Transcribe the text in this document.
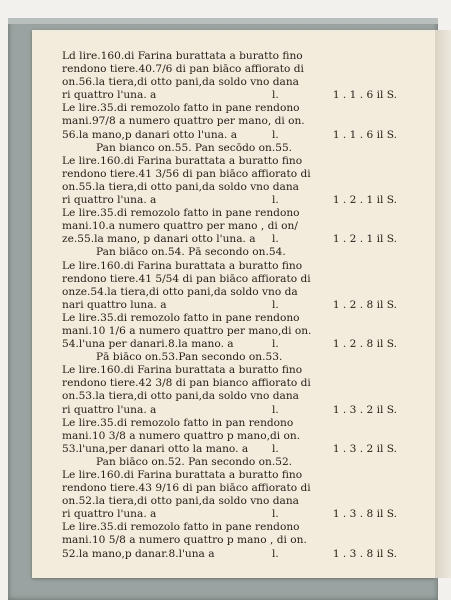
Ld lire.160.di Farina burattata a buratto fino
rendono tiere.40.7/6 di pan biāco affiorato di
on.56.la tiera,di otto pani,da soldo vno dana
ri quattro l'una. a	l.	1 . 1 . 6 il S.
Le lire.35.di remozolo fatto in pane rendono
mani.97/8 a numero quattro per mano, di on.
56.la mano,p danari otto l'una. a	l.	1 . 1 . 6 il S.
Pan bianco on.55. Pan secōdo on.55.
Le lire.160.di Farina burattata a buratto fino
rendono tiere.41 3/56 di pan biāco affiorato di
on.55.la tiera,di otto pani,da soldo vno dana
ri quattro l'una. a	l.	1 . 2 . 1 il S.
Le lire.35.di remozolo fatto in pane rendono
mani.10.a numero quattro per mano , di on/
ze.55.la mano, p danari otto l'una. a l.	1 . 2 . 1 il S.
Pan biāco on.54. Pā secondo on.54.
Le lire.160.di Farina burattata a buratto fino
rendono tiere.41 5/54 di pan biāco affiorato di
onze.54.la tiera,di otto pani,da soldo vno da
nari quattro luna. a	l.	1 . 2 . 8 il S.
Le lire.35.di remozolo fatto in pane rendono
mani.10 1/6 a numero quattro per mano,di on.
54.l'una per danari.8.la mano. a	l.	1 . 2 . 8 il S.
Pā biāco on.53.Pan secondo on.53.
Le lire.160.di Farina burattata a buratto fino
rendono tiere.42 3/8 di pan bianco affiorato di
on.53.la tiera,di otto pani,da soldo vno dana
ri quattro l'una. a	l.	1 . 3 . 2 il S.
Le lire.35.di remozolo fatto in pan rendono
mani.10 3/8 a numero quattro p mano,di on.
53.l'una,per danari otto la mano. a l.	1 . 3 . 2 il S.
Pan biāco on.52. Pan secondo on.52.
Le lire.160.di Farina burattata a buratto fino
rendono tiere.43 9/16 di pan biāco affiorato di
on.52.la tiera,di otto pani,da soldo vno dana
ri quattro l'una. a	l.	1 . 3 . 8 il S.
Le lire.35.di remozolo fatto in pane rendono
mani.10 5/8 a numero quattro p mano , di on.
52.la mano,p danar.8.l'una a	l.	1 . 3 . 8 il S.
